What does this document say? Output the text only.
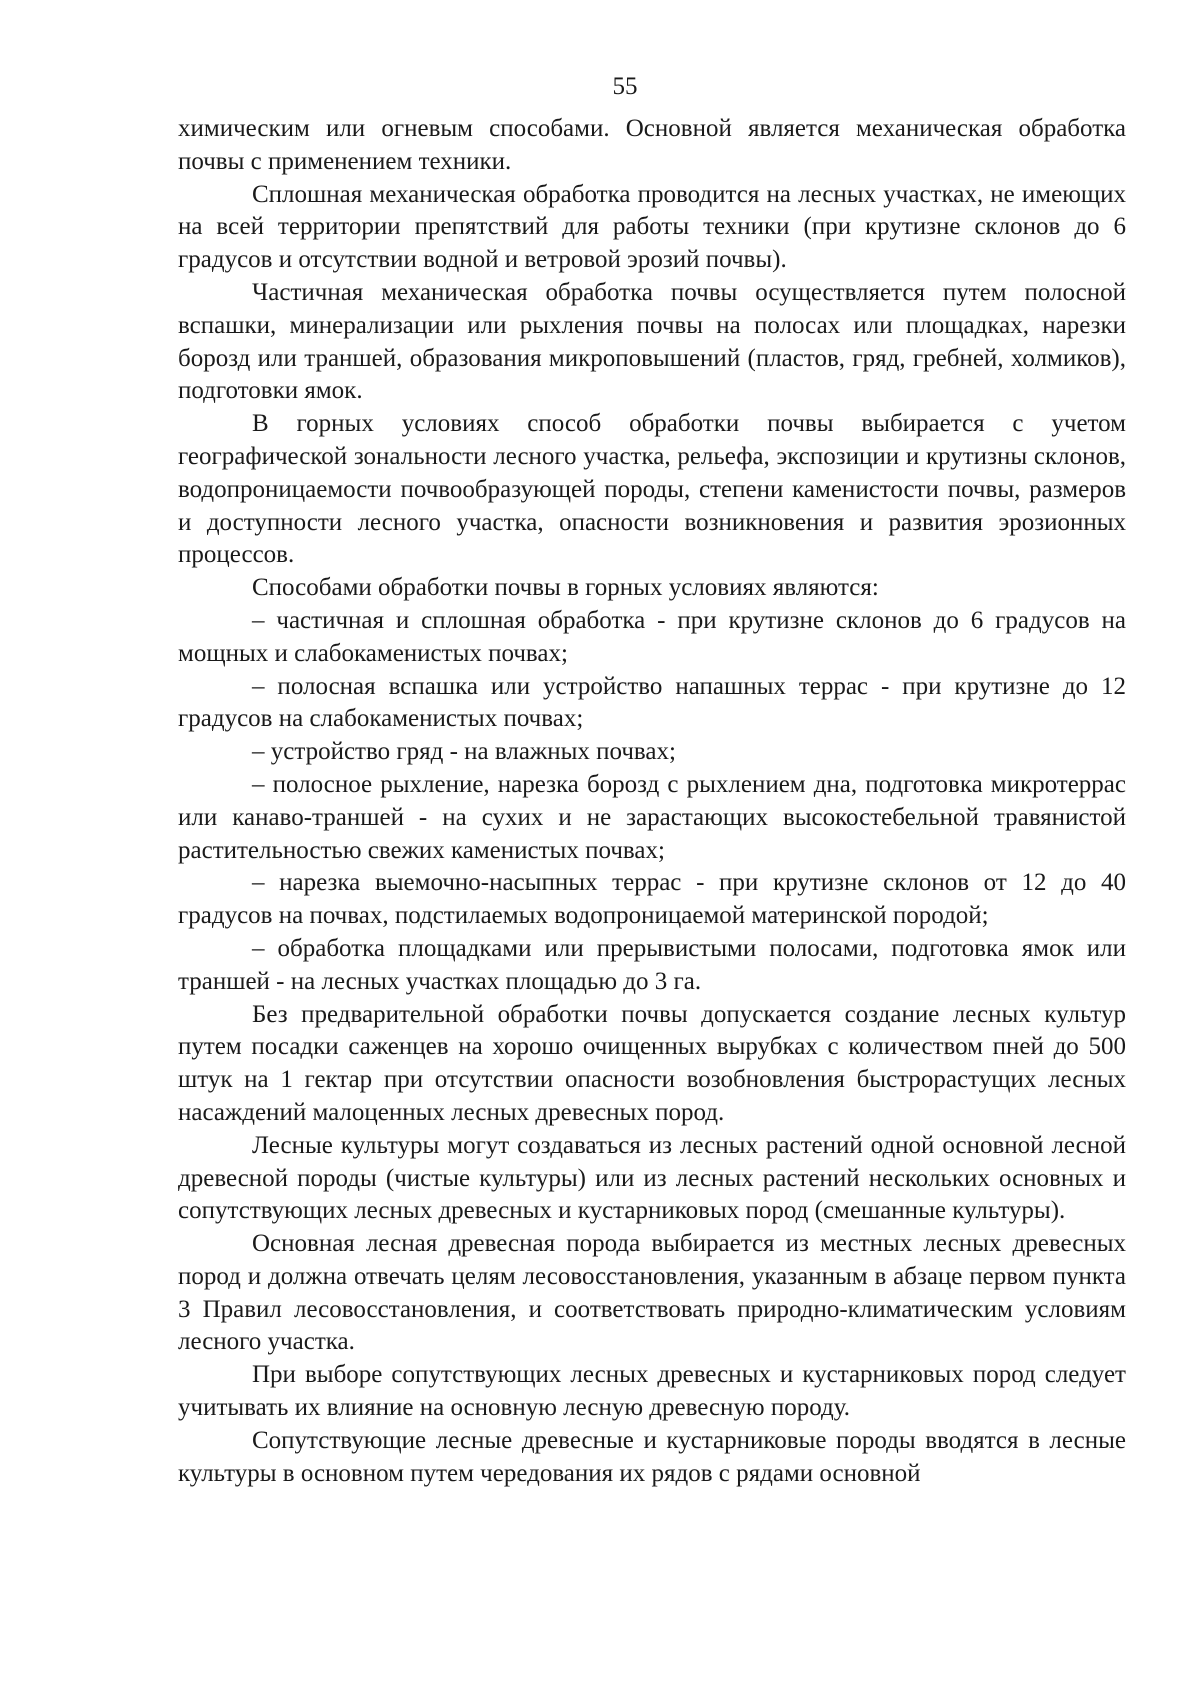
55

химическим или огневым способами. Основной является механическая обработка почвы с применением техники.

Сплошная механическая обработка проводится на лесных участках, не имеющих на всей территории препятствий для работы техники (при крутизне склонов до 6 градусов и отсутствии водной и ветровой эрозий почвы).

Частичная механическая обработка почвы осуществляется путем полосной вспашки, минерализации или рыхления почвы на полосах или площадках, нарезки борозд или траншей, образования микроповышений (пластов, гряд, гребней, холмиков), подготовки ямок.

В горных условиях способ обработки почвы выбирается с учетом географической зональности лесного участка, рельефа, экспозиции и крутизны склонов, водопроницаемости почвообразующей породы, степени каменистости почвы, размеров и доступности лесного участка, опасности возникновения и развития эрозионных процессов.

Способами обработки почвы в горных условиях являются:

– частичная и сплошная обработка - при крутизне склонов до 6 градусов на мощных и слабокаменистых почвах;

– полосная вспашка или устройство напашных террас - при крутизне до 12 градусов на слабокаменистых почвах;

– устройство гряд - на влажных почвах;

– полосное рыхление, нарезка борозд с рыхлением дна, подготовка микротеррас или канаво-траншей - на сухих и не зарастающих высокостебельной травянистой растительностью свежих каменистых почвах;

– нарезка выемочно-насыпных террас - при крутизне склонов от 12 до 40 градусов на почвах, подстилаемых водопроницаемой материнской породой;

– обработка площадками или прерывистыми полосами, подготовка ямок или траншей - на лесных участках площадью до 3 га.

Без предварительной обработки почвы допускается создание лесных культур путем посадки саженцев на хорошо очищенных вырубках с количеством пней до 500 штук на 1 гектар при отсутствии опасности возобновления быстрорастущих лесных насаждений малоценных лесных древесных пород.

Лесные культуры могут создаваться из лесных растений одной основной лесной древесной породы (чистые культуры) или из лесных растений нескольких основных и сопутствующих лесных древесных и кустарниковых пород (смешанные культуры).

Основная лесная древесная порода выбирается из местных лесных древесных пород и должна отвечать целям лесовосстановления, указанным в абзаце первом пункта 3 Правил лесовосстановления, и соответствовать природно-климатическим условиям лесного участка.

При выборе сопутствующих лесных древесных и кустарниковых пород следует учитывать их влияние на основную лесную древесную породу.

Сопутствующие лесные древесные и кустарниковые породы вводятся в лесные культуры в основном путем чередования их рядов с рядами основной
